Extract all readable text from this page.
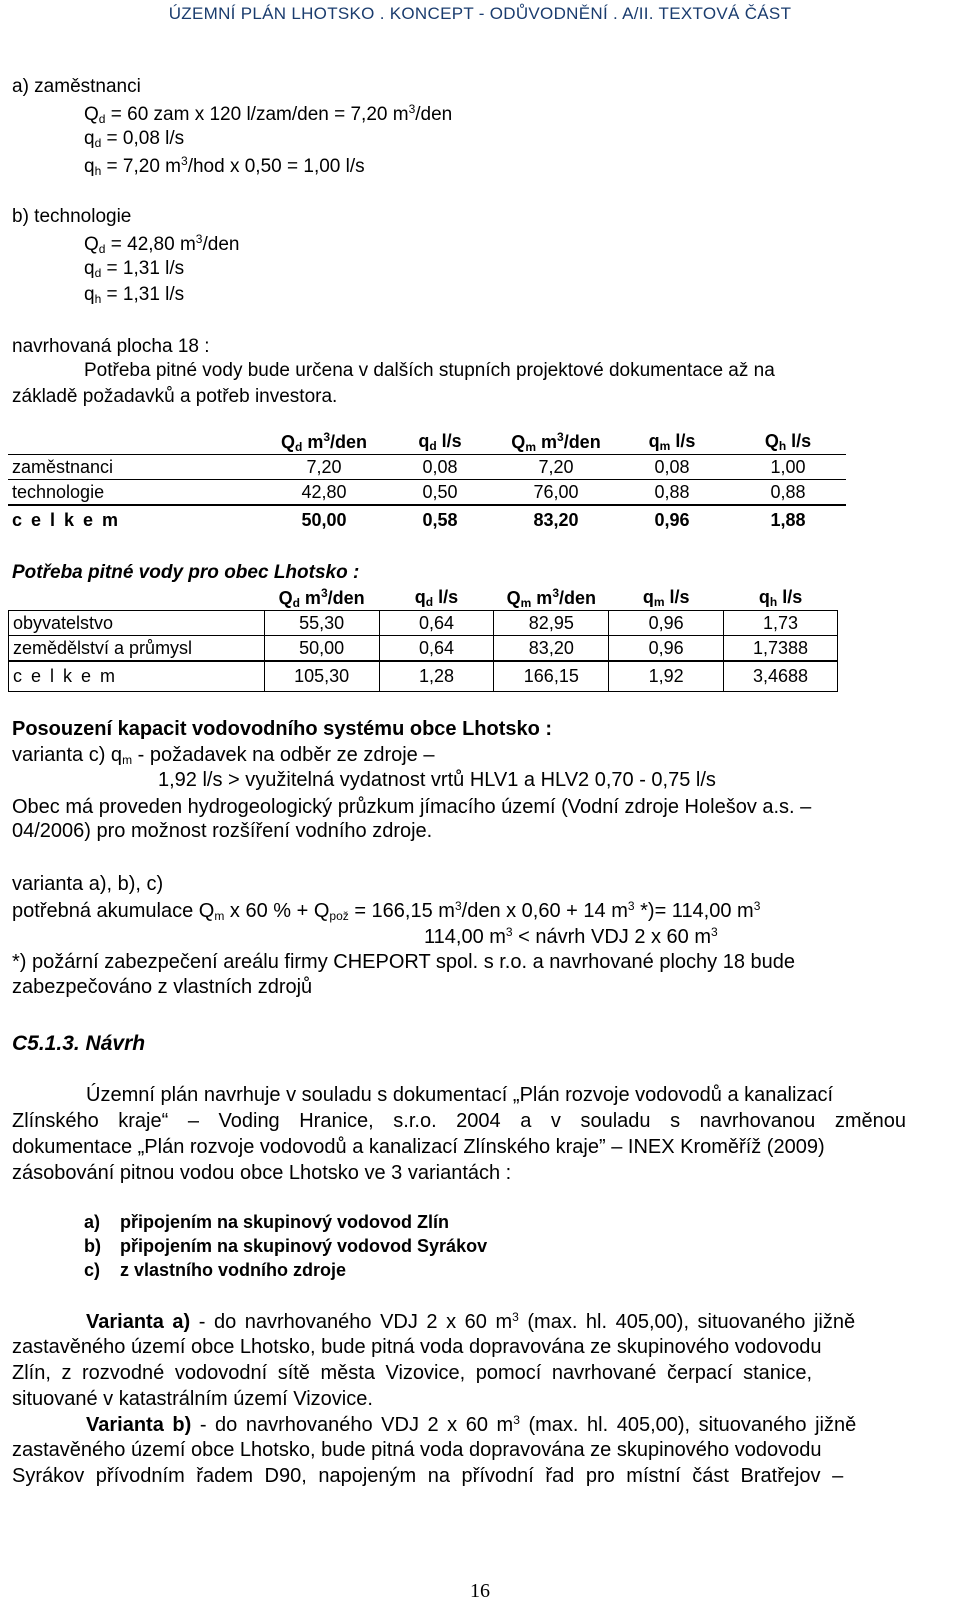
ÚZEMNÍ PLÁN LHOTSKO . KONCEPT - ODŮVODNĚNÍ . A/II. TEXTOVÁ ČÁST
a) zaměstnanci
$Q_d = 60$ zam x 120 l/zam/den = 7,20 $m^3$/den
$q_d = 0,08$ l/s
$q_h = 7,20$ $m^3$/hod x 0,50 = 1,00 l/s
b) technologie
$Q_d = 42,80$ $m^3$/den
$q_d = 1,31$ l/s
$q_h = 1,31$ l/s
navrhovaná plocha 18 :
Potřeba pitné vody bude určena v dalších stupních projektové dokumentace až na
základě požadavků a potřeb investora.
	$Q_d$ $m^3$/den	$q_d$ l/s	$Q_m$ $m^3$/den	$q_m$ l/s	$Q_h$ l/s
zaměstnanci	7,20	0,08	7,20	0,08	1,00
technologie	42,80	0,50	76,00	0,88	0,88
c e l k e m	50,00	0,58	83,20	0,96	1,88
Potřeba pitné vody pro obec Lhotsko :
	$Q_d$ $m^3$/den	$q_d$ l/s	$Q_m$ $m^3$/den	$q_m$ l/s	$q_h$ l/s
obyvatelstvo	55,30	0,64	82,95	0,96	1,73
zemědělství a průmysl	50,00	0,64	83,20	0,96	1,7388
c e l k e m	105,30	1,28	166,15	1,92	3,4688
Posouzení kapacit vodovodního systému obce Lhotsko :
varianta c) $q_m$ - požadavek na odběr ze zdroje –
1,92 l/s > využitelná vydatnost vrtů HLV1 a HLV2 0,70 - 0,75 l/s
Obec má proveden hydrogeologický průzkum jímacího území (Vodní zdroje Holešov a.s. –
04/2006) pro možnost rozšíření vodního zdroje.
varianta a), b), c)
potřebná akumulace $Q_m$ x 60 % + $Q_{pož} = 166,15$ $m^3$/den x 0,60 + 14 $m^3$ *)= 114,00 $m^3$
114,00 $m^3$ < návrh VDJ 2 x 60 $m^3$
*) požární zabezpečení areálu firmy CHEPORT spol. s r.o. a navrhované plochy 18 bude
zabezpečováno z vlastních zdrojů
C5.1.3. Návrh
Územní plán navrhuje v souladu s dokumentací „Plán rozvoje vodovodů a kanalizací
Zlínského kraje“ – Voding Hranice, s.r.o. 2004 a v souladu s navrhovanou změnou
dokumentace „Plán rozvoje vodovodů a kanalizací Zlínského kraje” – INEX Kroměříž (2009)
zásobování pitnou vodou obce Lhotsko ve 3 variantách :
a) připojením na skupinový vodovod Zlín
b) připojením na skupinový vodovod Syrákov
c) z vlastního vodního zdroje
Varianta a) - do navrhovaného VDJ 2 x 60 $m^3$ (max. hl. 405,00), situovaného jižně
zastavěného území obce Lhotsko, bude pitná voda dopravována ze skupinového vodovodu
Zlín, z rozvodné vodovodní sítě města Vizovice, pomocí navrhované čerpací stanice,
situované v katastrálním území Vizovice.
Varianta b) - do navrhovaného VDJ 2 x 60 $m^3$ (max. hl. 405,00), situovaného jižně
zastavěného území obce Lhotsko, bude pitná voda dopravována ze skupinového vodovodu
Syrákov přívodním řadem D90, napojeným na přívodní řad pro místní část Bratřejov –
16
